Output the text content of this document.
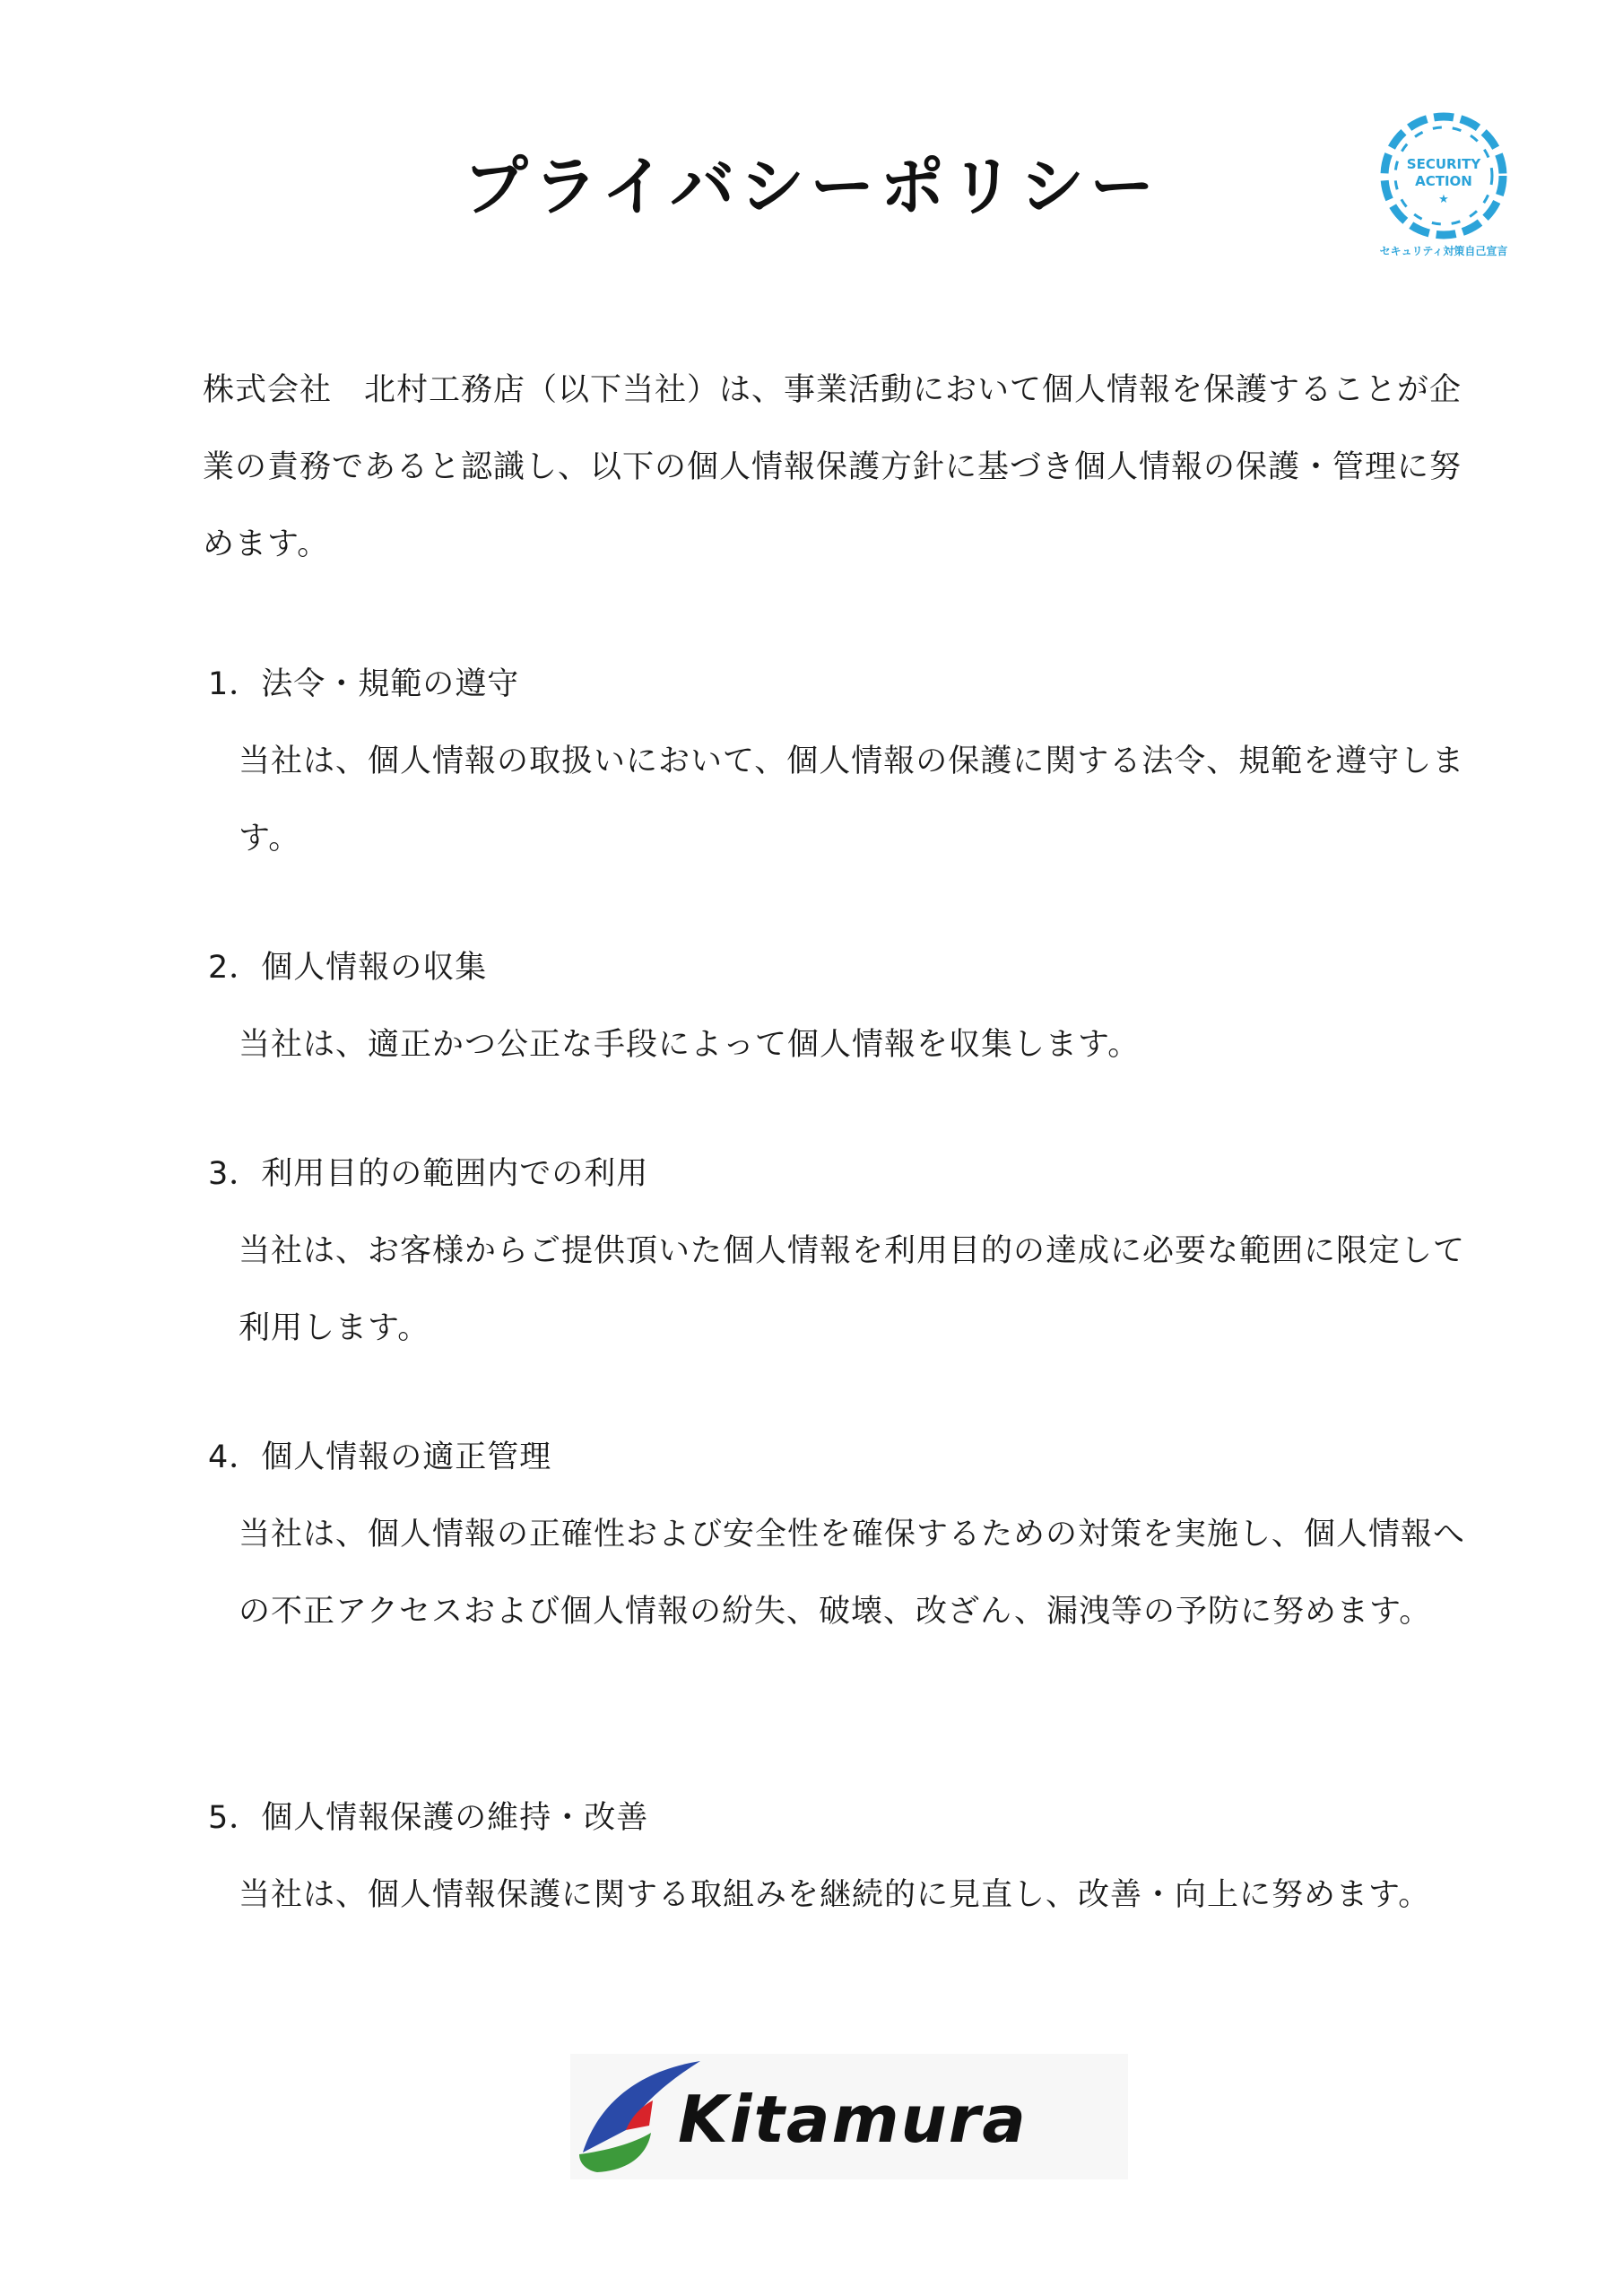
プライバシーポリシー	SECURITY
ACTION
★
セキュリティ対策自己宣言
株式会社　北村工務店（以下当社）は、事業活動において個人情報を保護することが企業の責務であると認識し、以下の個人情報保護方針に基づき個人情報の保護・管理に努めます。
1．法令・規範の遵守
当社は、個人情報の取扱いにおいて、個人情報の保護に関する法令、規範を遵守します。
2．個人情報の収集
当社は、適正かつ公正な手段によって個人情報を収集します。
3．利用目的の範囲内での利用
当社は、お客様からご提供頂いた個人情報を利用目的の達成に必要な範囲に限定して利用します。
4．個人情報の適正管理
当社は、個人情報の正確性および安全性を確保するための対策を実施し、個人情報への不正アクセスおよび個人情報の紛失、破壊、改ざん、漏洩等の予防に努めます。
5．個人情報保護の維持・改善
当社は、個人情報保護に関する取組みを継続的に見直し、改善・向上に努めます。
Kitamura
